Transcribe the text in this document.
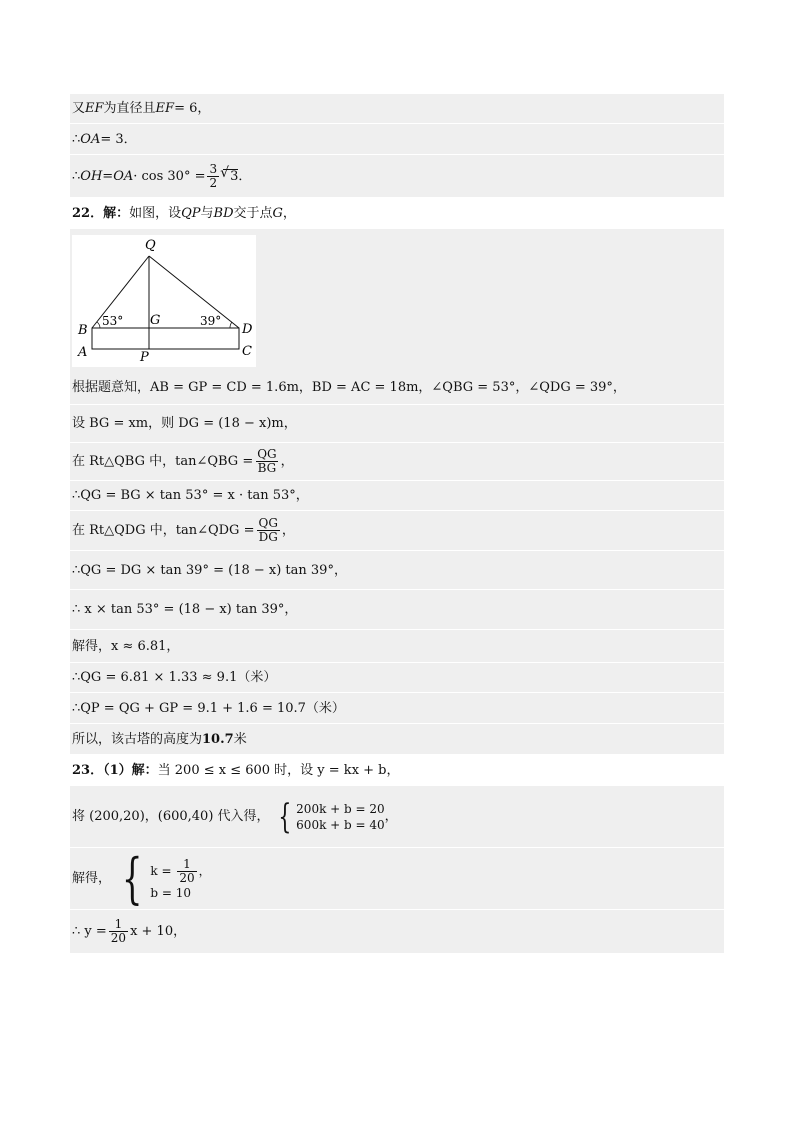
又 EF 为直径且 EF = 6，
∴ OA = 3．
∴ OH = OA · $\cos 30^\circ = \frac{3}{2}$
√ 3 ．
22．解： 如图，设 QP 与 BD 交于点 G ，
Q
B
G
D
A	P	C
53°	39°
根据题意知，AB = GP = CD = 1.6m，BD = AC = 18m，∠QBG = 53°，∠QDG = 39°，
设 BG = xm，则 DG = (18 − x)m，
在 Rt△QBG 中，tan∠QBG = $\frac{QG}{BG}$ ，
∴QG = BG × tan 53° = x · tan 53°，
在 Rt△QDG 中，tan∠QDG = $\frac{QG}{DG}$ ，
∴QG = DG × tan 39° = (18 − x) tan 39°，
∴ x × tan 53° = (18 − x) tan 39°，
解得，x ≈ 6.81，
∴QG = 6.81 × 1.33 ≈ 9.1（米）
∴QP = QG + GP = 9.1 + 1.6 = 10.7（米）
所以，该古塔的高度为 10.7 米
23．（1）解： 当 200 ≤ x ≤ 600 时，设 y = kx + b，
将 (200,20)，(600,40) 代入得， { 200k + b = 20
600k + b = 40
，
解得， { $k = \frac{1}{20}$ ，
b = 10
∴ $y = \frac{1}{20}$ x + 10，
